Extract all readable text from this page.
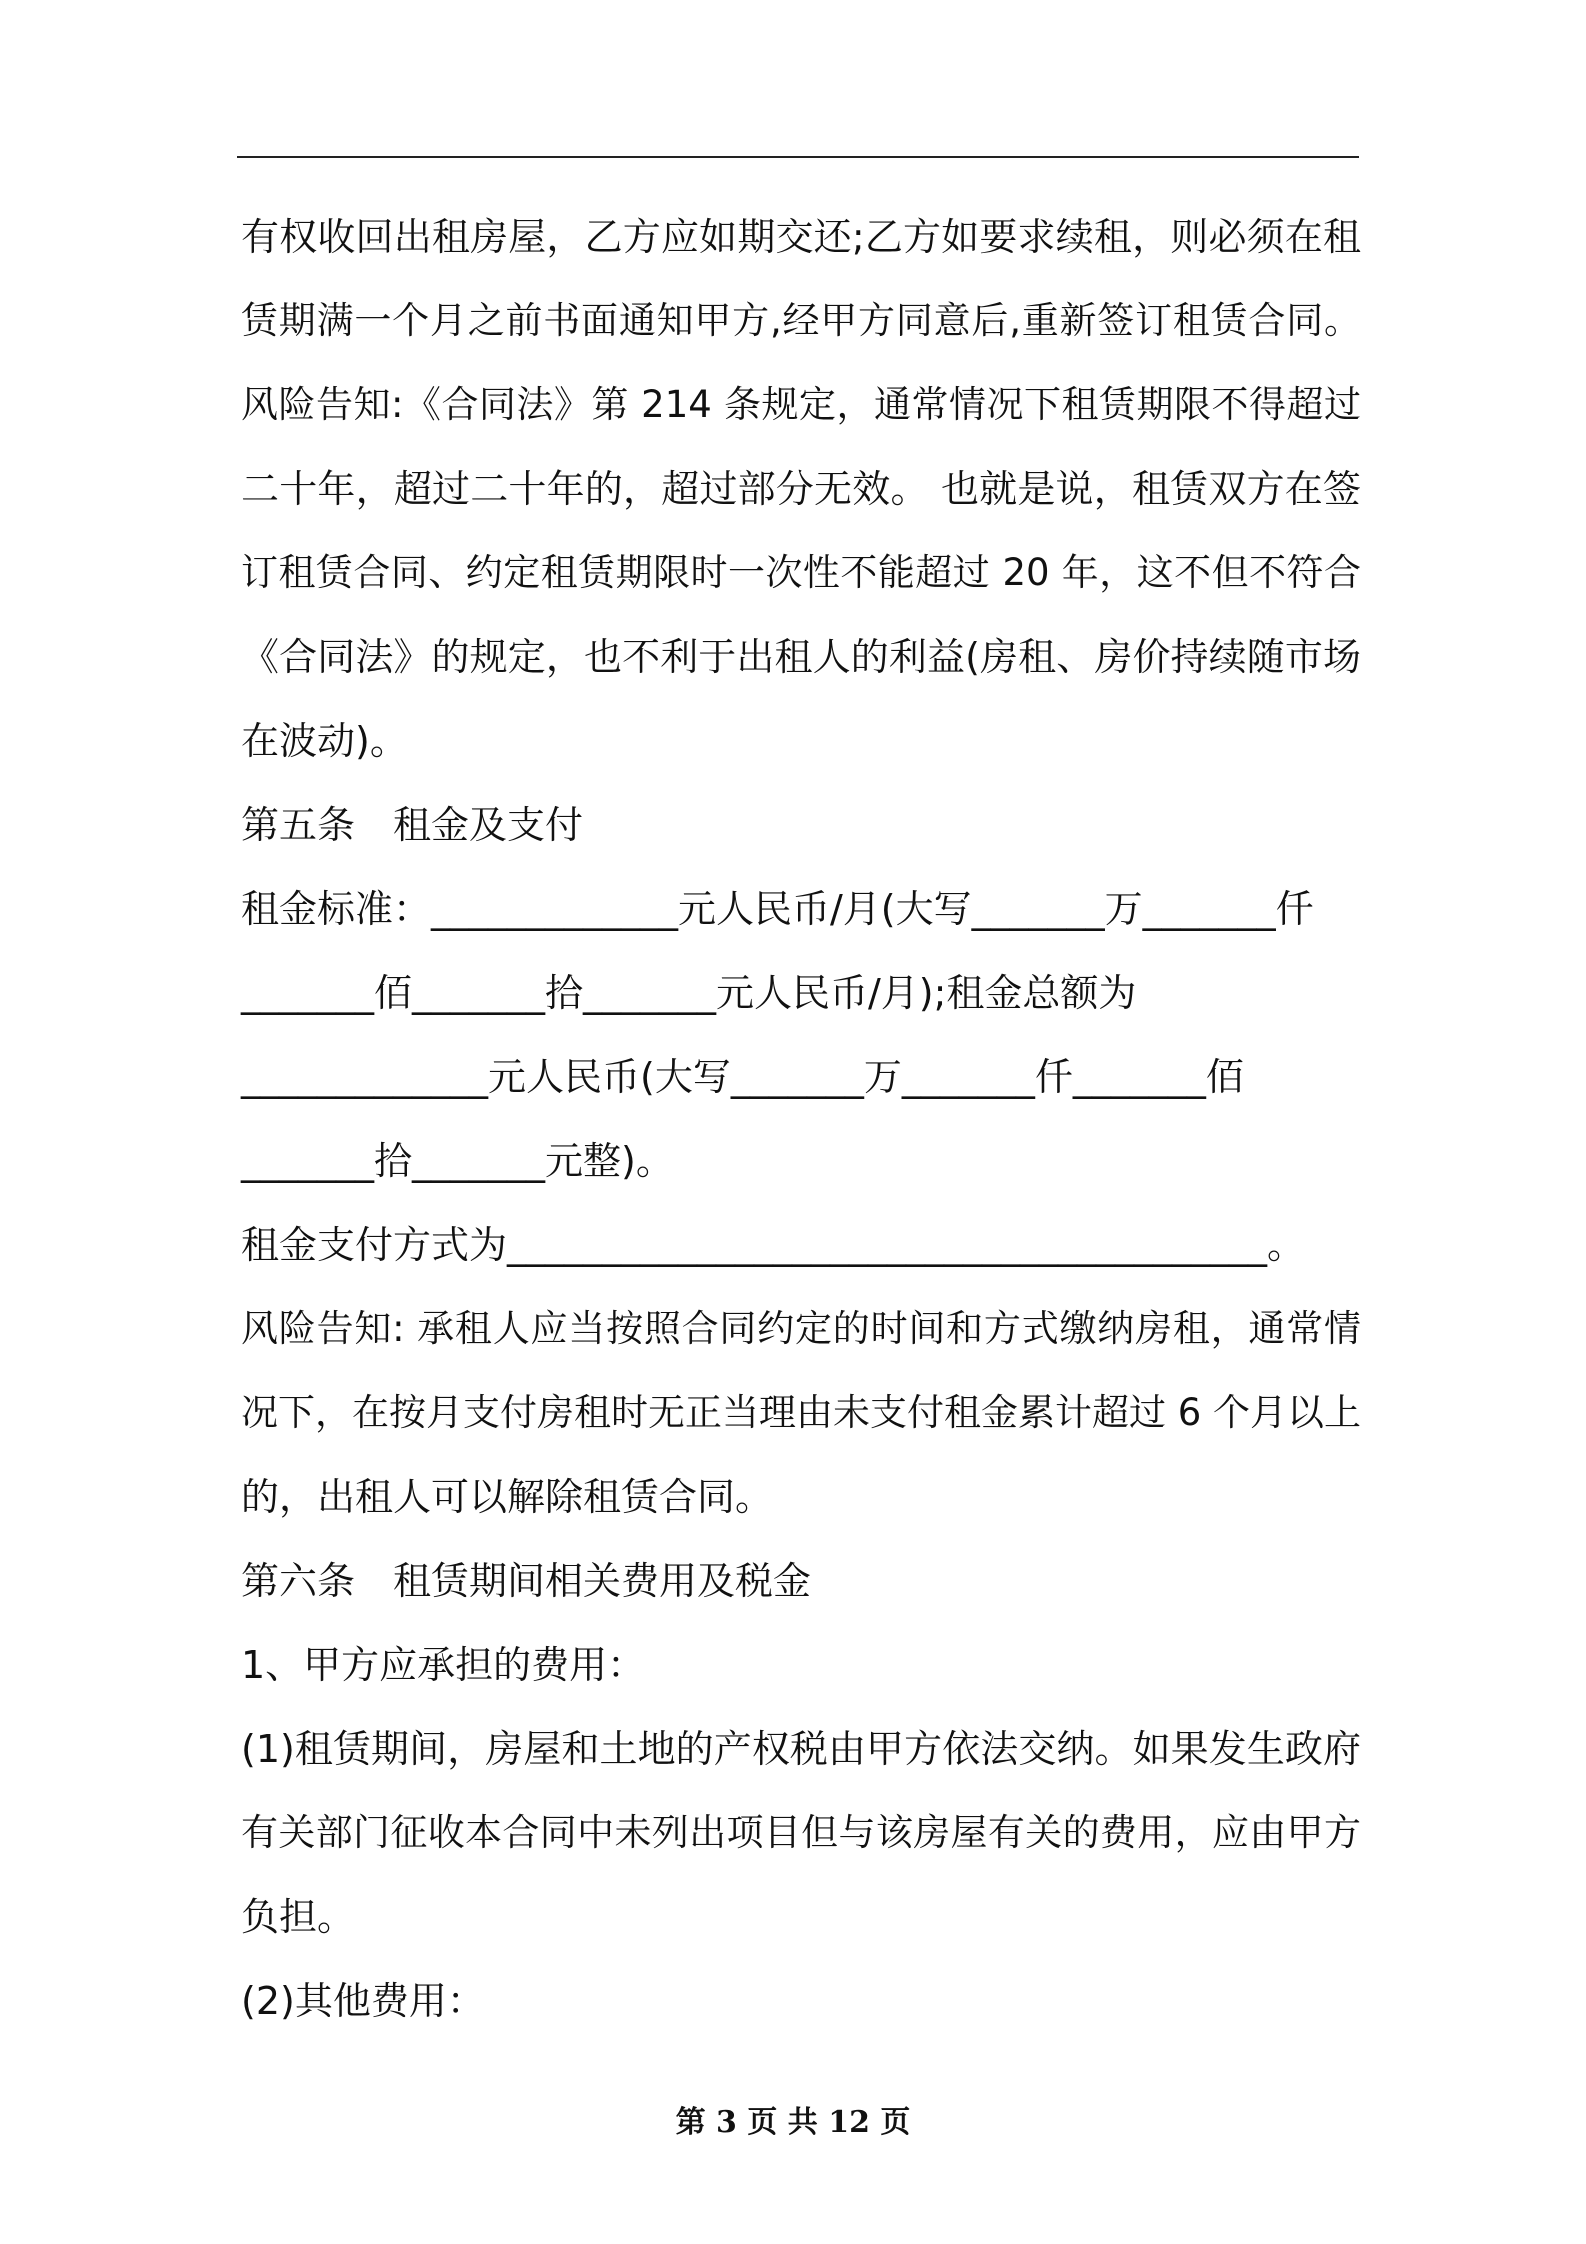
有权收回出租房屋，乙方应如期交还;乙方如要求续租，则必须在租
赁期满一个月之前书面通知甲方,经甲方同意后,重新签订租赁合同。
风险告知:《合同法》第 214 条规定，通常情况下租赁期限不得超过
二十年，超过二十年的，超过部分无效。 也就是说，租赁双方在签
订租赁合同、约定租赁期限时一次性不能超过 20 年，这不但不符合
《合同法》的规定，也不利于出租人的利益(房租、房价持续随市场
在波动)。
第五条　租金及支付
租金标准：_____________元人民币/月(大写_______万_______仟
_______佰_______拾_______元人民币/月);租金总额为
_____________元人民币(大写_______万_______仟_______佰
_______拾_______元整)。
租金支付方式为________________________________________。
风险告知: 承租人应当按照合同约定的时间和方式缴纳房租，通常情
况下，在按月支付房租时无正当理由未支付租金累计超过 6 个月以上
的，出租人可以解除租赁合同。
第六条　租赁期间相关费用及税金
1、甲方应承担的费用：
(1)租赁期间，房屋和土地的产权税由甲方依法交纳。如果发生政府
有关部门征收本合同中未列出项目但与该房屋有关的费用，应由甲方
负担。
(2)其他费用：
第 3 页 共 12 页
